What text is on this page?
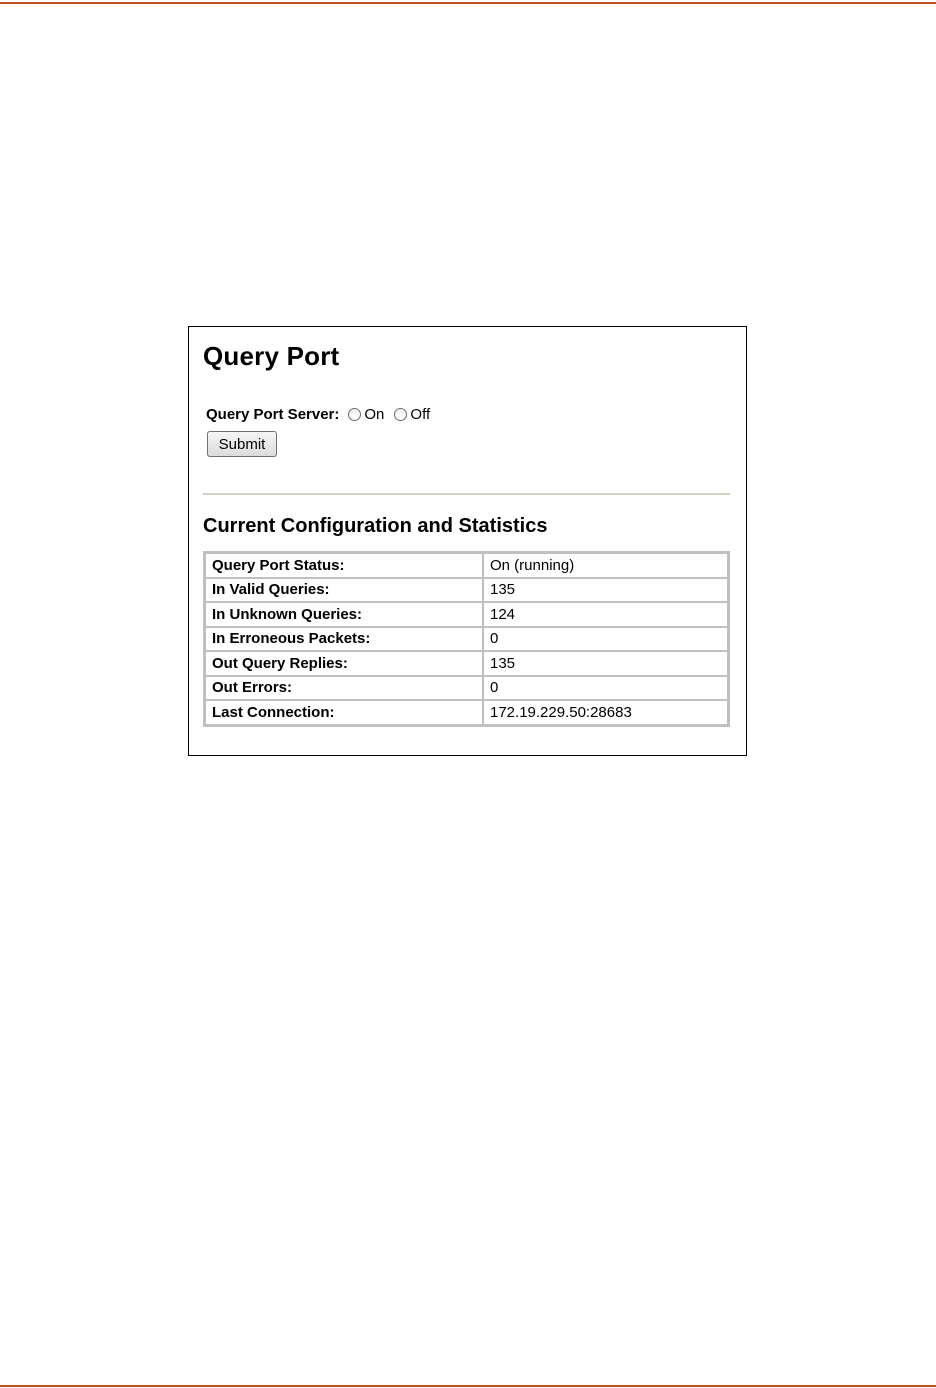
Query Port
Query Port Server: On Off
Submit
Current Configuration and Statistics
Query Port Status:	On (running)
In Valid Queries:	135
In Unknown Queries:	124
In Erroneous Packets:	0
Out Query Replies:	135
Out Errors:	0
Last Connection:	172.19.229.50:28683
